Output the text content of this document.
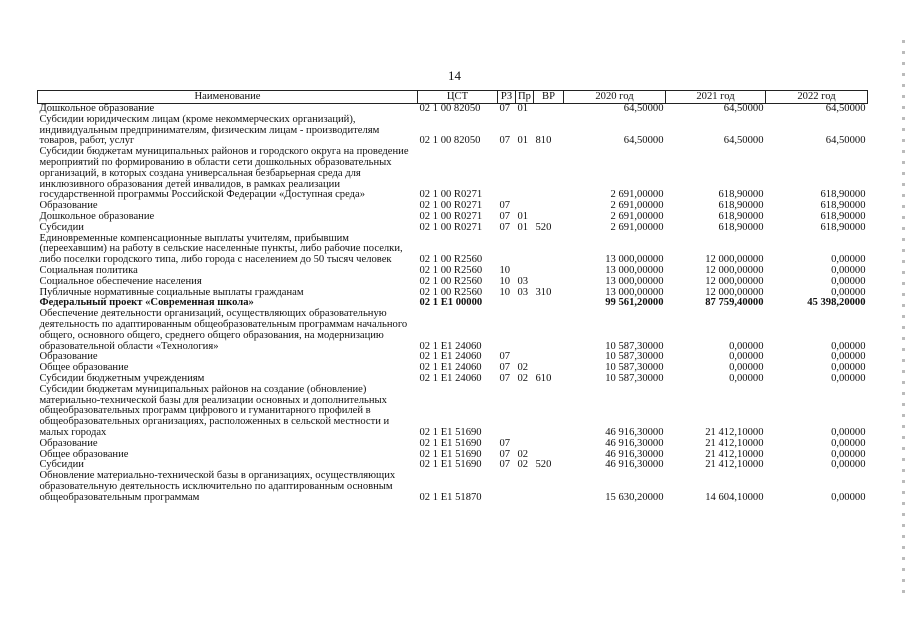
14
Наименование	ЦСТ	РЗ	Пр	ВР	2020 год	2021 год	2022 год
Дошкольное образование	02 1 00 82050	07	01		64,50000	64,50000	64,50000
Субсидии юридическим лицам (кроме некоммерческих организаций), индивидуальным предпринимателям, физическим лицам - производителям товаров, работ, услуг	02 1 00 82050	07	01	810	64,50000	64,50000	64,50000
Субсидии бюджетам муниципальных районов и городского округа на проведение мероприятий по формированию в области сети дошкольных образовательных организаций, в которых создана универсальная безбарьерная среда для инклюзивного образования детей инвалидов, в рамках реализации государственной программы Российской Федерации «Доступная среда»	02 1 00 R0271				2 691,00000	618,90000	618,90000
Образование	02 1 00 R0271	07			2 691,00000	618,90000	618,90000
Дошкольное образование	02 1 00 R0271	07	01		2 691,00000	618,90000	618,90000
Субсидии	02 1 00 R0271	07	01	520	2 691,00000	618,90000	618,90000
Единовременные компенсационные выплаты учителям, прибывшим (переехавшим) на работу в сельские населенные пункты, либо рабочие поселки, либо поселки городского типа, либо города с населением до 50 тысяч человек	02 1 00 R2560				13 000,00000	12 000,00000	0,00000
Социальная политика	02 1 00 R2560	10			13 000,00000	12 000,00000	0,00000
Социальное обеспечение населения	02 1 00 R2560	10	03		13 000,00000	12 000,00000	0,00000
Публичные нормативные социальные выплаты гражданам	02 1 00 R2560	10	03	310	13 000,00000	12 000,00000	0,00000
Федеральный проект «Современная школа»	02 1 E1 00000				99 561,20000	87 759,40000	45 398,20000
Обеспечение деятельности организаций, осуществляющих образовательную деятельность по адаптированным общеобразовательным программам начального общего, основного общего, среднего общего образования, на модернизацию образовательной области «Технология»	02 1 E1 24060				10 587,30000	0,00000	0,00000
Образование	02 1 E1 24060	07			10 587,30000	0,00000	0,00000
Общее образование	02 1 E1 24060	07	02		10 587,30000	0,00000	0,00000
Субсидии бюджетным учреждениям	02 1 E1 24060	07	02	610	10 587,30000	0,00000	0,00000
Субсидии бюджетам муниципальных районов на создание (обновление) материально-технической базы для реализации основных и дополнительных общеобразовательных программ цифрового и гуманитарного профилей в общеобразовательных организациях, расположенных в сельской местности и малых городах	02 1 E1 51690				46 916,30000	21 412,10000	0,00000
Образование	02 1 E1 51690	07			46 916,30000	21 412,10000	0,00000
Общее образование	02 1 E1 51690	07	02		46 916,30000	21 412,10000	0,00000
Субсидии	02 1 E1 51690	07	02	520	46 916,30000	21 412,10000	0,00000
Обновление материально-технической базы в организациях, осуществляющих образовательную деятельность исключительно по адаптированным основным общеобразовательным программам	02 1 E1 51870				15 630,20000	14 604,10000	0,00000
